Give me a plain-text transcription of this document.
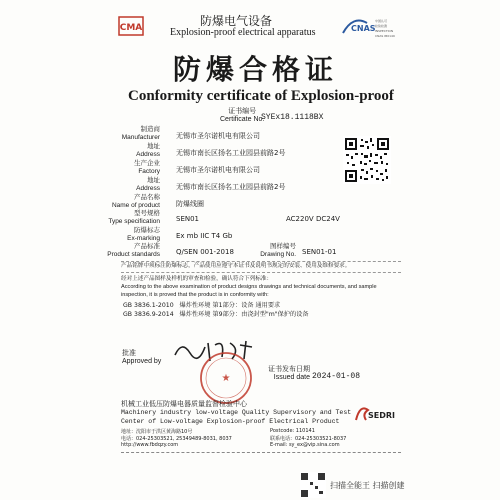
CMA	防爆电气设备
Explosion-proof electrical apparatus	CNAS
中国认可
检验检测
INSPECTION
CNAS IB0149
防爆合格证
Conformity certificate of Explosion-proof
证书编号
Certificate No.
SYEx18.1118BX
制造商
Manufacturer 无锡市圣尔诺机电有限公司
地址
Address 无锡市南长区扬名工业园县前路2号
生产企业
Factory 无锡市圣尔诺机电有限公司
地址
Address 无锡市南长区扬名工业园县前路2号
产品名称
Name of product 防爆线圈
型号规格
Type specification SEN01	AC220V DC24V
防爆标志
Ex-marking Ex mb IIC T4 Gb
产品标准
Product standards Q/SEN 001-2018
图样编号
Drawing No. SEN01-01
产品铭牌中须标注防爆标志，产品使用应遵守本证书及说明书规定的安装、使用及维修要求。
经对上述产品图样及样机的审查和检验，确认符合下列标准：
According to the above examination of product designs drawings and technical documents, and sample inspection, it is proved that the product is in conformity with:
GB 3836.1-2010 爆炸性环境 第1部分：设备 通用要求
GB 3836.9-2014 爆炸性环境 第9部分：由浇封型"m"保护的设备
批准
Approved by
★
证书发布日期
Issued date 2024-01-08
机械工业低压防爆电器质量监督检验中心
Machinery industry low-voltage Quality Supervisory and Test
Center of Low-voltage Explosion-proof Electrical Product
地址：沈阳市于洪区黄海路10号	Postcode: 110141
电话：024-25303521, 25349489-8031, 8037	联系电话：024-25303521-8037
http://www.fbdqzy.com	E-mail: sy_ex@vip.sina.com
SEDRI
扫描全能王 扫描创建
